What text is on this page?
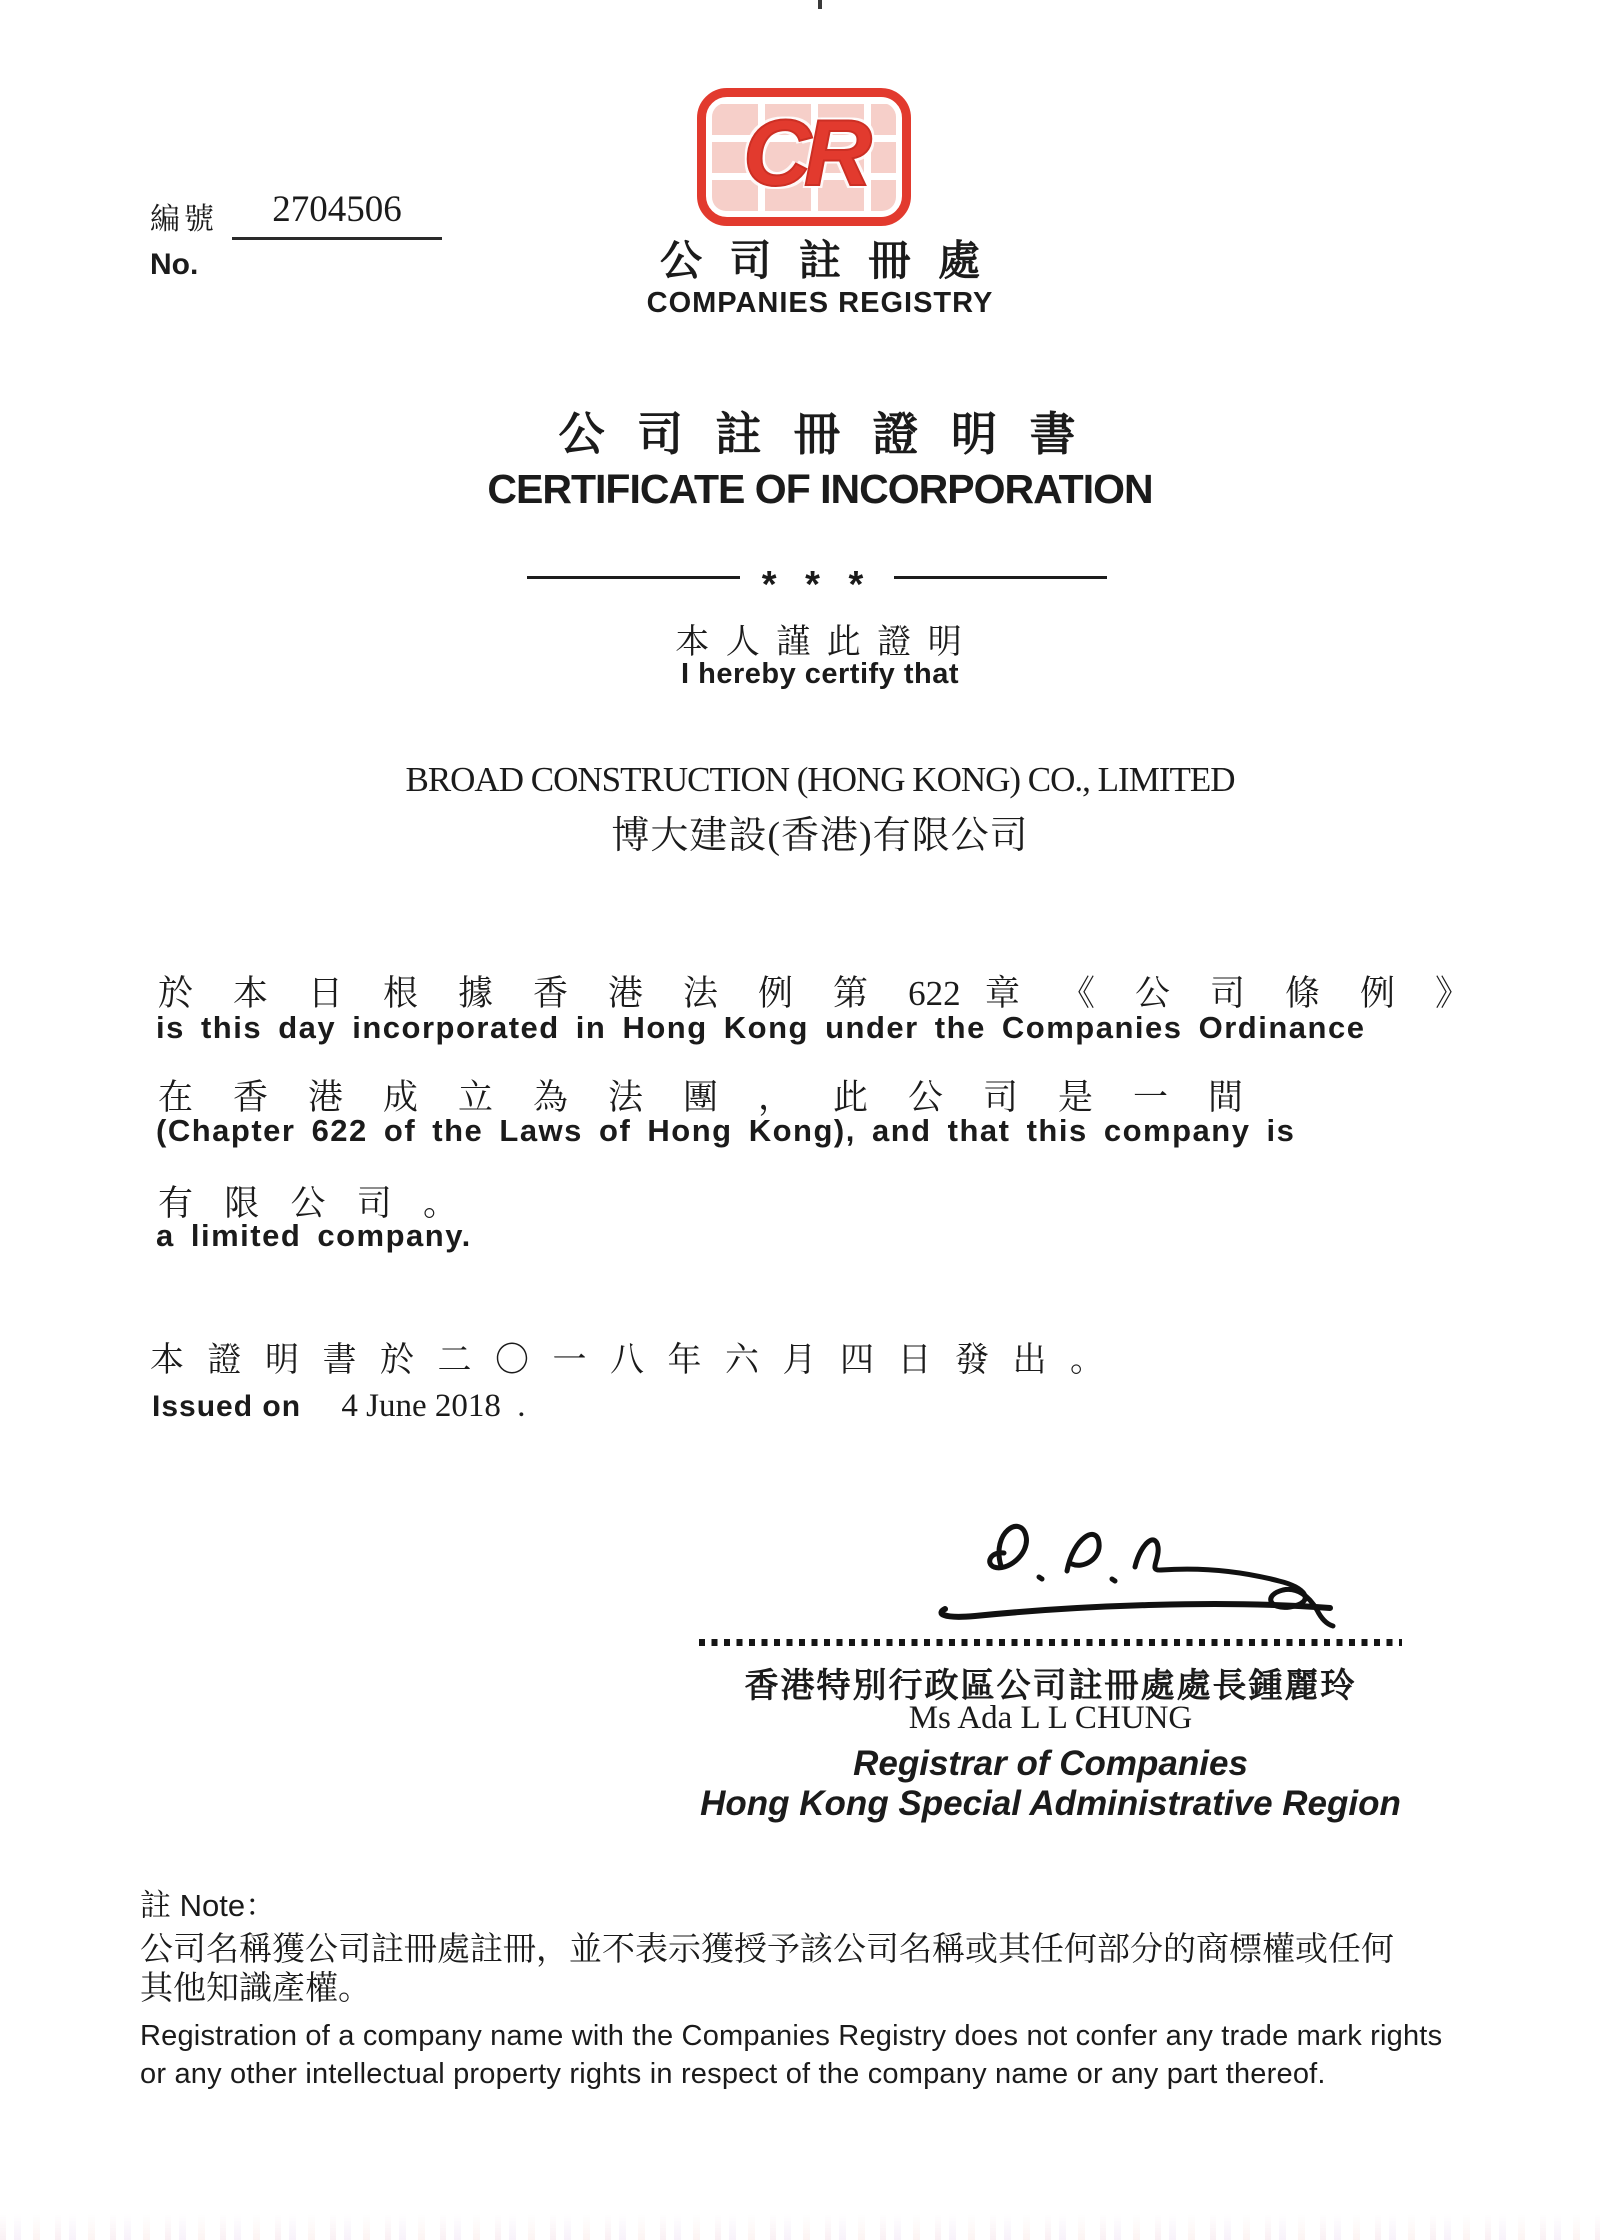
編號	2704506
No.
CR
公 司 註 冊 處
COMPANIES REGISTRY
公 司 註 冊 證 明 書
CERTIFICATE OF INCORPORATION
* * *
本 人 謹 此 證 明
I hereby certify that
BROAD CONSTRUCTION (HONG KONG) CO., LIMITED
博大建設(香港)有限公司
於 本 日 根 據 香 港 法 例 第 622 章 《 公 司 條 例 》
is this day incorporated in Hong Kong under the Companies Ordinance
在 香 港 成 立 為 法 團 ， 此 公 司 是 一 間
(Chapter 622 of the Laws of Hong Kong), and that this company is
有 限 公 司 。
a limited company.
本 證 明 書 於 二 〇 一 八 年 六 月 四 日 發 出 。
Issued on 4 June 2018 .
香港特別行政區公司註冊處處長鍾麗玲
Ms Ada L L CHUNG
Registrar of Companies
Hong Kong Special Administrative Region
註 Note：
公司名稱獲公司註冊處註冊，並不表示獲授予該公司名稱或其任何部分的商標權或任何
其他知識產權。
Registration of a company name with the Companies Registry does not confer any trade mark rights
or any other intellectual property rights in respect of the company name or any part thereof.
